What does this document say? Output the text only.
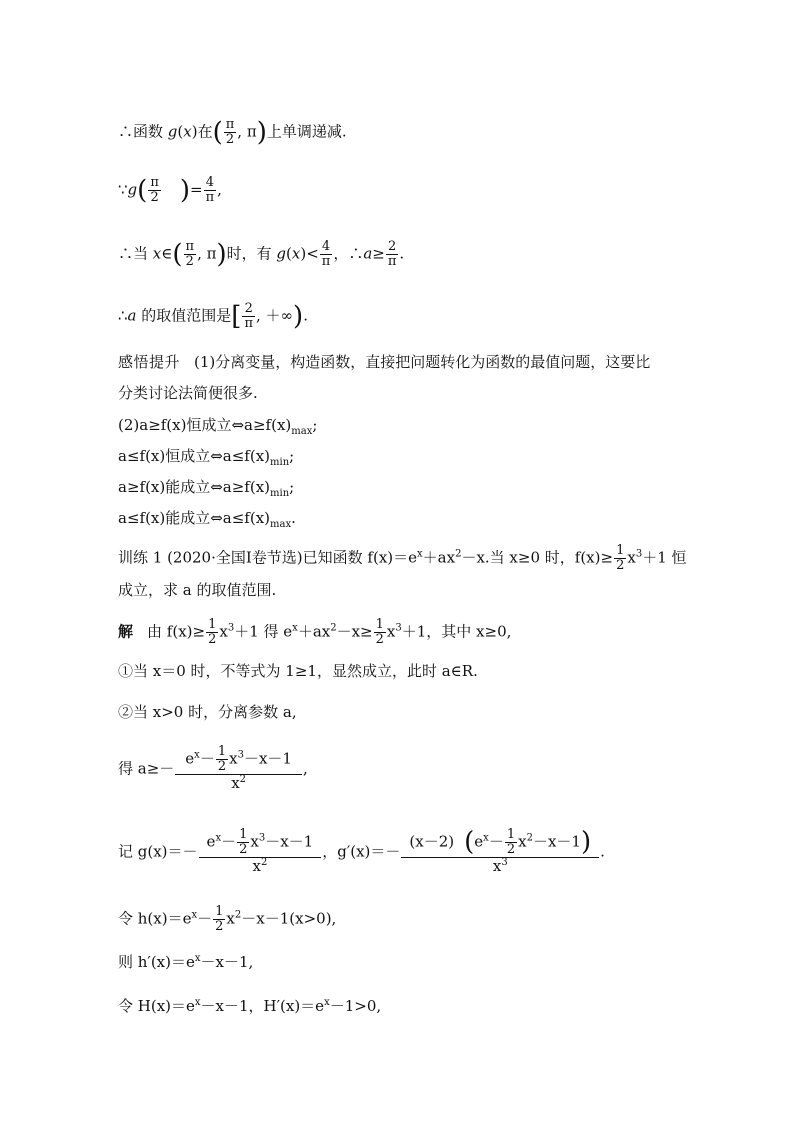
∴函数 g(x)在( $\frac{\pi}{2}$ , π)上单调递减.
∵g( $\frac{\pi}{2}$ )= $\frac{4}{\pi}$ ,
∴当 x∈( $\frac{\pi}{2}$ , π)时，有 $g(x)< \frac{4}{\pi}$ ，∴a≥ $\frac{2}{\pi}$ .
∴a 的取值范围是[ $\frac{2}{\pi}$ , ＋∞).
感悟提升 (1)分离变量，构造函数，直接把问题转化为函数的最值问题，这要比
分类讨论法简便很多.
(2)a≥f(x)恒成立$\Leftrightarrow a\ge f(x)_{max}$;
a≤f(x)恒成立$\Leftrightarrow a\le f(x)_{min}$;
a≥f(x)能成立$\Leftrightarrow a\ge f(x)_{min}$;
a≤f(x)能成立$\Leftrightarrow a\le f(x)_{max}$.
训练 1 (2020·全国Ⅰ卷节选)已知函数 $f(x)=e^x+ax^2-x$.当 x≥0 时，$f(x)\ge \frac{1}{2} x^3+1$ 恒
成立，求 a 的取值范围.
解 由 $f(x)\ge \frac{1}{2} x^3+1$ 得 $e^x+ax^2-x\ge \frac{1}{2} x^3+1$，其中 x≥0,
①当 x＝0 时，不等式为 1≥1，显然成立，此时 a∈R.
②当 x>0 时，分离参数 a,
得 $a\ge- \frac{e^x- \frac{1}{2} x^3-x-1}{x^2}$ ,
记 $g(x)=- \frac{e^x- \frac{1}{2} x^3-x-1}{x^2}$ ，$g'(x)=- \frac{(x-2) (e^x- \frac{1}{2} x^2-x-1)}{x^3}$ .
令 $h(x)=e^x- \frac{1}{2} x^2-x-1(x>0)$,
则 $h'(x)=e^x-x-1$,
令 $H(x)=e^x-x-1$，$H'(x)=e^x-1>0$,
